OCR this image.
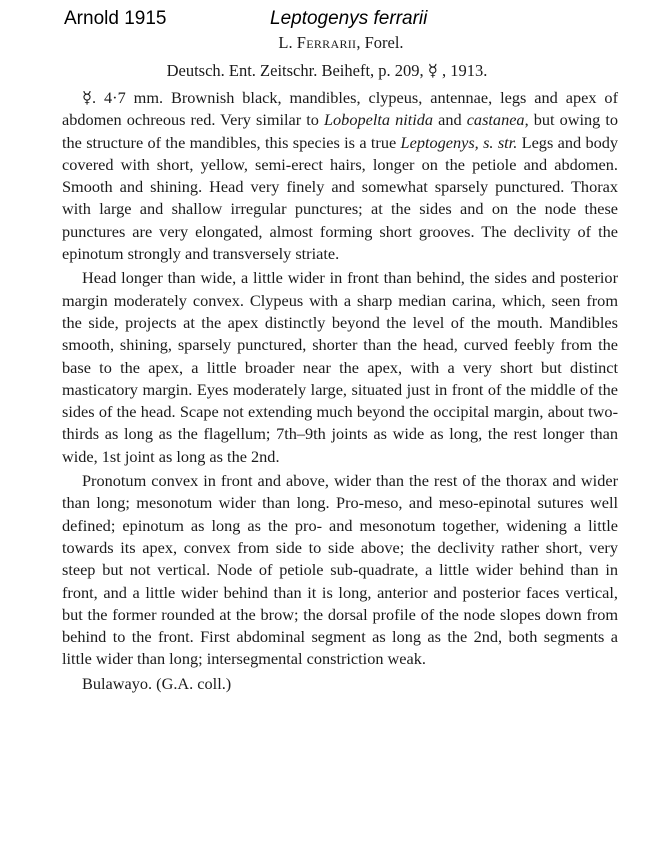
Arnold 1915	Leptogenys ferrarii
L. Ferrarii, Forel.
Deutsch. Ent. Zeitschr. Beiheft, p. 209, ☿ , 1913.

☿. 4·7 mm. Brownish black, mandibles, clypeus, antennae, legs and apex of abdomen ochreous red. Very similar to Lobopelta nitida and castanea, but owing to the structure of the mandibles, this species is a true Leptogenys, s. str. Legs and body covered with short, yellow, semi-erect hairs, longer on the petiole and abdomen. Smooth and shining. Head very finely and somewhat sparsely punctured. Thorax with large and shallow irregular punctures; at the sides and on the node these punctures are very elongated, almost forming short grooves. The declivity of the epinotum strongly and transversely striate.

Head longer than wide, a little wider in front than behind, the sides and posterior margin moderately convex. Clypeus with a sharp median carina, which, seen from the side, projects at the apex distinctly beyond the level of the mouth. Mandibles smooth, shining, sparsely punctured, shorter than the head, curved feebly from the base to the apex, a little broader near the apex, with a very short but distinct masticatory margin. Eyes moderately large, situated just in front of the middle of the sides of the head. Scape not extending much beyond the occipital margin, about two-thirds as long as the flagellum; 7th–9th joints as wide as long, the rest longer than wide, 1st joint as long as the 2nd.

Pronotum convex in front and above, wider than the rest of the thorax and wider than long; mesonotum wider than long. Pro-meso, and meso-epinotal sutures well defined; epinotum as long as the pro- and mesonotum together, widening a little towards its apex, convex from side to side above; the declivity rather short, very steep but not vertical. Node of petiole sub-quadrate, a little wider behind than in front, and a little wider behind than it is long, anterior and posterior faces vertical, but the former rounded at the brow; the dorsal profile of the node slopes down from behind to the front. First abdominal segment as long as the 2nd, both segments a little wider than long; intersegmental constriction weak.

Bulawayo. (G.A. coll.)
